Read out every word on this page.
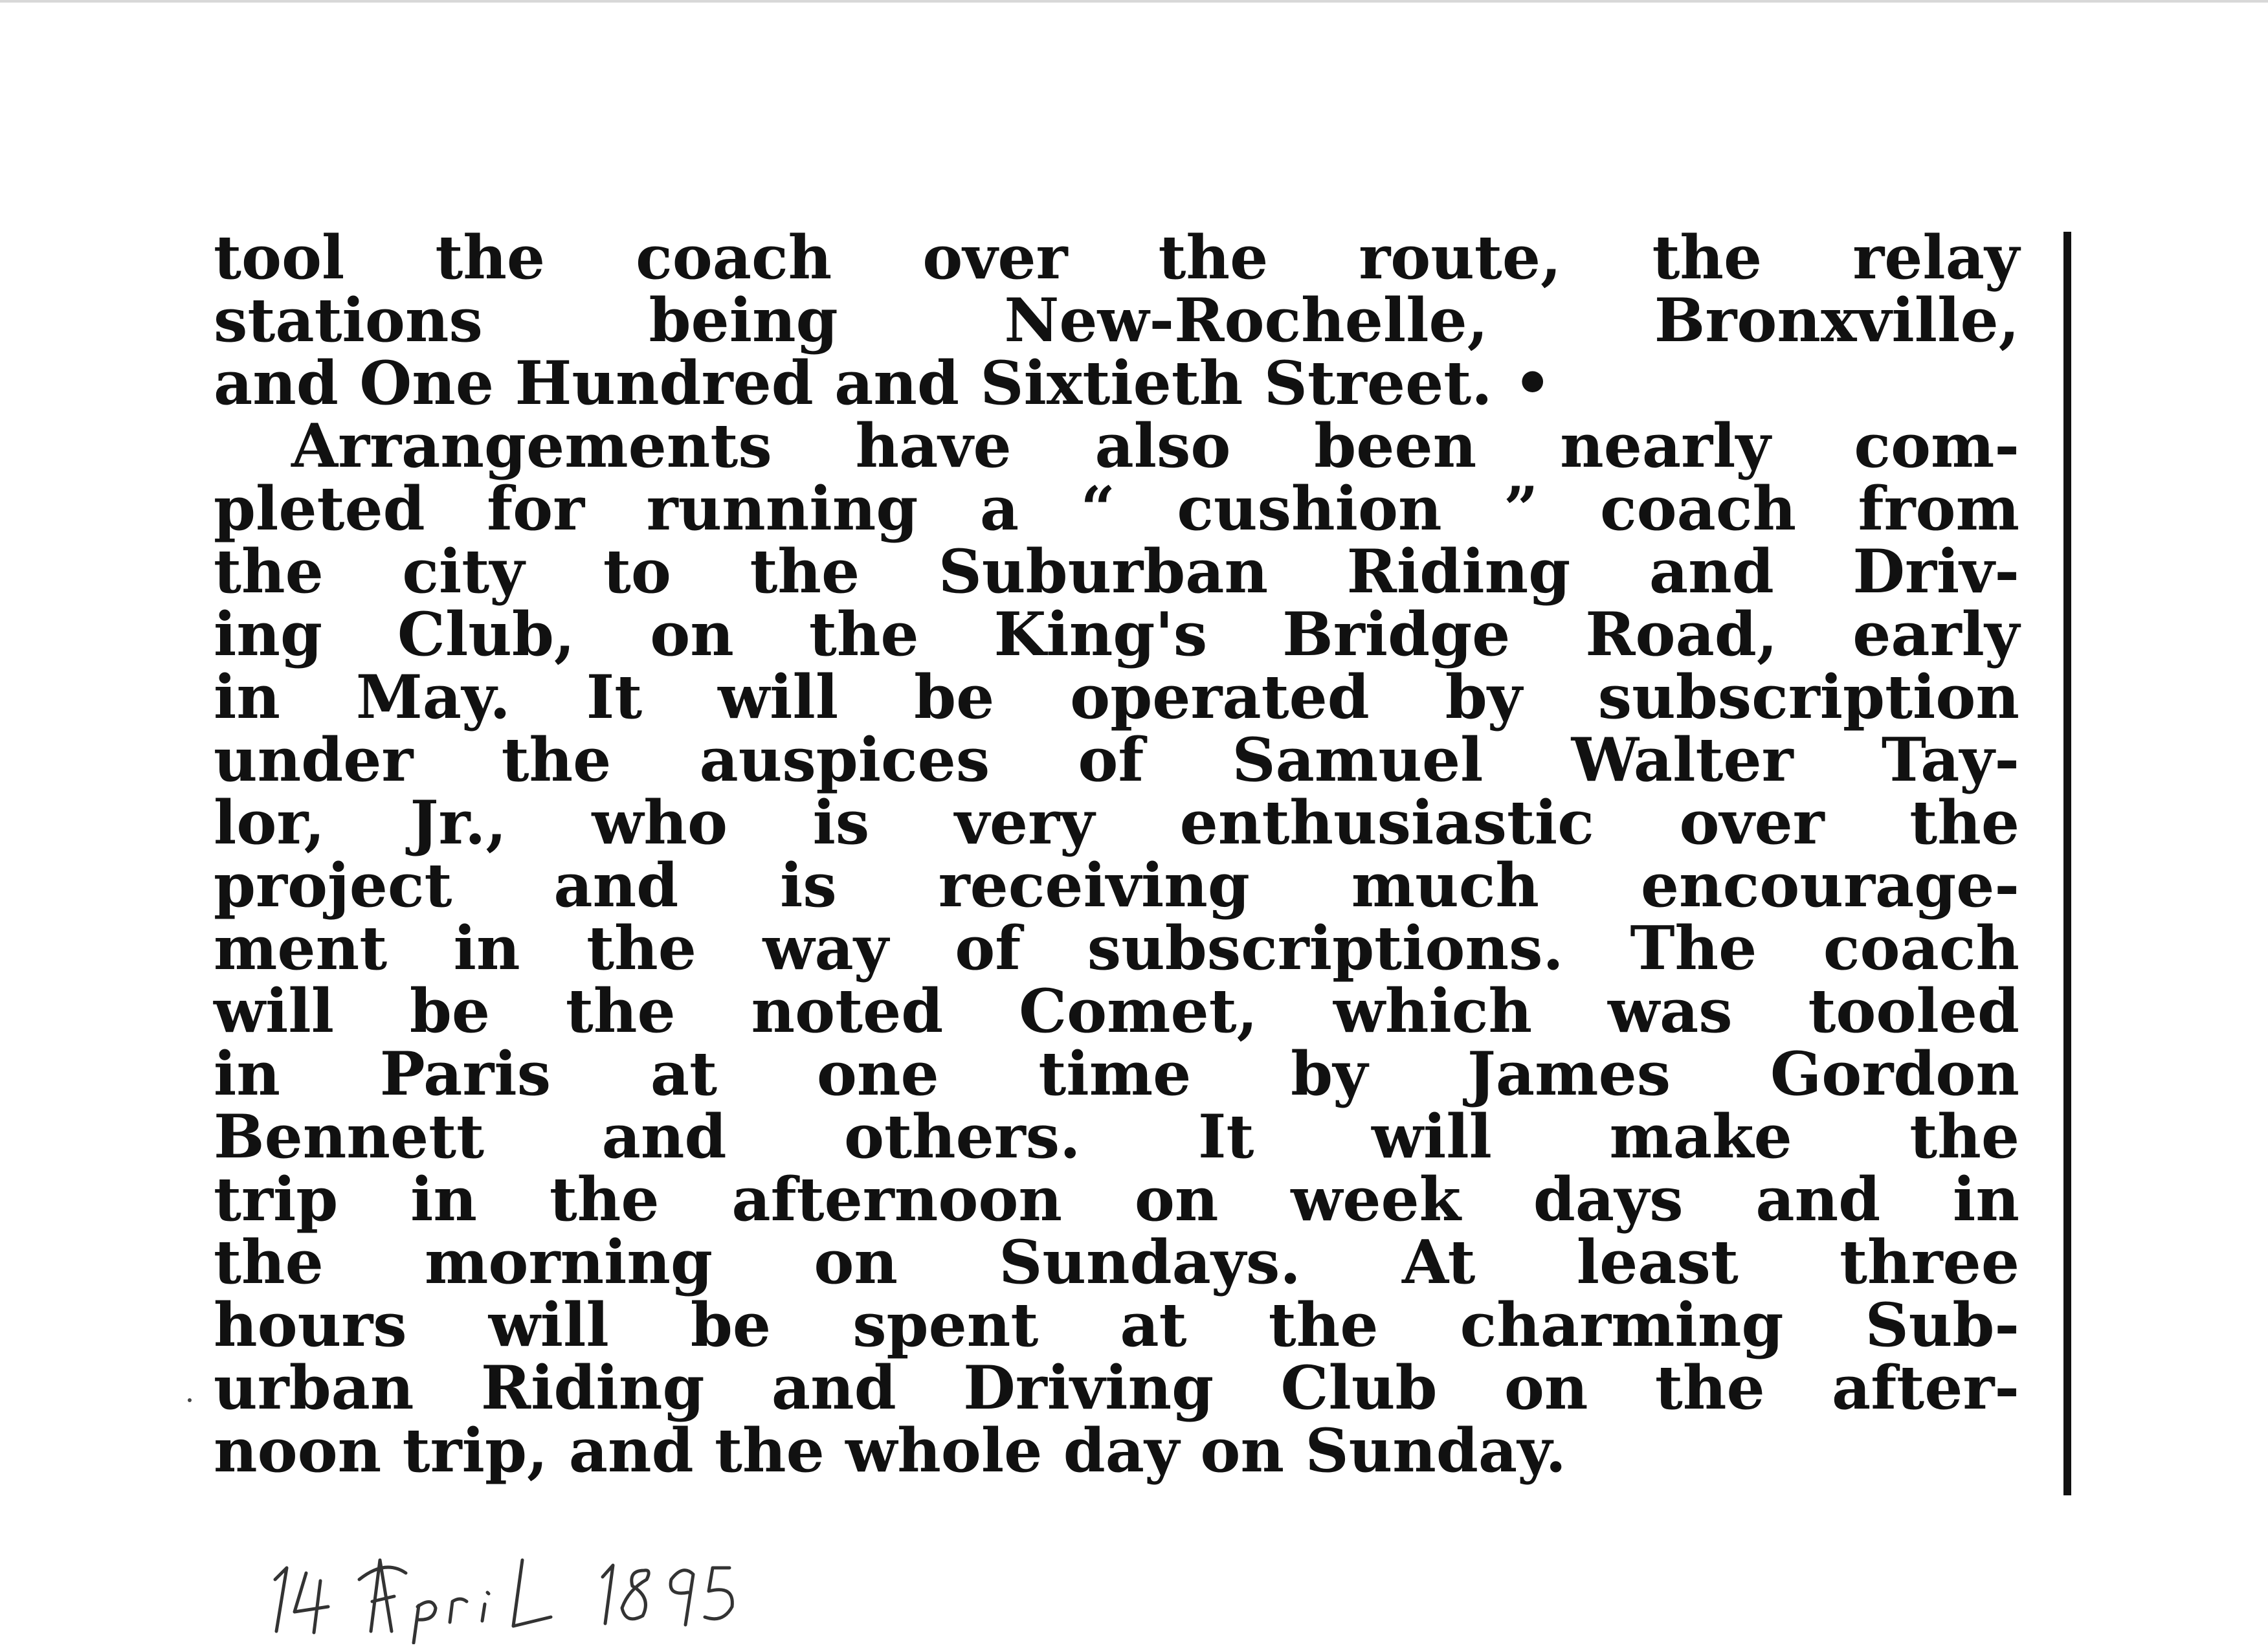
tool the coach over the route, the relay
stations being New-Rochelle, Bronxville,
and One Hundred and Sixtieth Street. •
Arrangements have also been nearly com-
pleted for running a “ cushion ” coach from
the city to the Suburban Riding and Driv-
ing Club, on the King's Bridge Road, early
in May. It will be operated by subscription
under the auspices of Samuel Walter Tay-
lor, Jr., who is very enthusiastic over the
project and is receiving much encourage-
ment in the way of subscriptions. The coach
will be the noted Comet, which was tooled
in Paris at one time by James Gordon
Bennett and others. It will make the
trip in the afternoon on week days and in
the morning on Sundays. At least three
hours will be spent at the charming Sub-
urban Riding and Driving Club on the after-
noon trip, and the whole day on Sunday.
